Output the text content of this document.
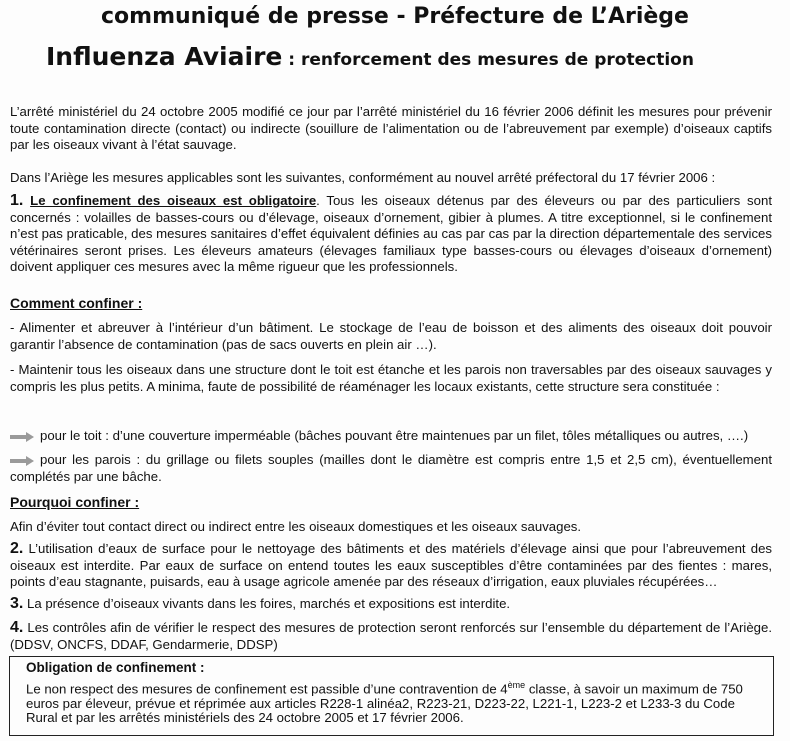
communiqué de presse - Préfecture de L’Ariège
Influenza Aviaire : renforcement des mesures de protection
L’arrêté ministériel du 24 octobre 2005 modifié ce jour par l’arrêté ministériel du 16 février 2006 définit les mesures pour prévenir toute contamination directe (contact) ou indirecte (souillure de l’alimentation ou de l’abreuvement par exemple) d’oiseaux captifs par les oiseaux vivant à l’état sauvage.
Dans l’Ariège les mesures applicables sont les suivantes, conformément au nouvel arrêté préfectoral du 17 février 2006 :
1. Le confinement des oiseaux est obligatoire. Tous les oiseaux détenus par des éleveurs ou par des particuliers sont concernés : volailles de basses-cours ou d’élevage, oiseaux d’ornement, gibier à plumes. A titre exceptionnel, si le confinement n’est pas praticable, des mesures sanitaires d’effet équivalent définies au cas par cas par la direction départementale des services vétérinaires seront prises. Les éleveurs amateurs (élevages familiaux type basses-cours ou élevages d’oiseaux d’ornement) doivent appliquer ces mesures avec la même rigueur que les professionnels.
Comment confiner :
- Alimenter et abreuver à l’intérieur d’un bâtiment. Le stockage de l’eau de boisson et des aliments des oiseaux doit pouvoir garantir l’absence de contamination (pas de sacs ouverts en plein air …).
- Maintenir tous les oiseaux dans une structure dont le toit est étanche et les parois non traversables par des oiseaux sauvages y compris les plus petits. A minima, faute de possibilité de réaménager les locaux existants, cette structure sera constituée :
pour le toit : d’une couverture imperméable (bâches pouvant être maintenues par un filet, tôles métalliques ou autres, ….)
pour les parois : du grillage ou filets souples (mailles dont le diamètre est compris entre 1,5 et 2,5 cm), éventuellement complétés par une bâche.
Pourquoi confiner :
Afin d’éviter tout contact direct ou indirect entre les oiseaux domestiques et les oiseaux sauvages.
2. L’utilisation d’eaux de surface pour le nettoyage des bâtiments et des matériels d’élevage ainsi que pour l’abreuvement des oiseaux est interdite. Par eaux de surface on entend toutes les eaux susceptibles d’être contaminées par des fientes : mares, points d’eau stagnante, puisards, eau à usage agricole amenée par des réseaux d’irrigation, eaux pluviales récupérées…
3. La présence d’oiseaux vivants dans les foires, marchés et expositions est interdite.
4. Les contrôles afin de vérifier le respect des mesures de protection seront renforcés sur l’ensemble du département de l’Ariège. (DDSV, ONCFS, DDAF, Gendarmerie, DDSP)
Obligation de confinement :
Le non respect des mesures de confinement est passible d’une contravention de 4ème classe, à savoir un maximum de 750 euros par éleveur, prévue et réprimée aux articles R228-1 alinéa2, R223-21, D223-22, L221-1, L223-2 et L233-3 du Code Rural et par les arrêtés ministériels des 24 octobre 2005 et 17 février 2006.
